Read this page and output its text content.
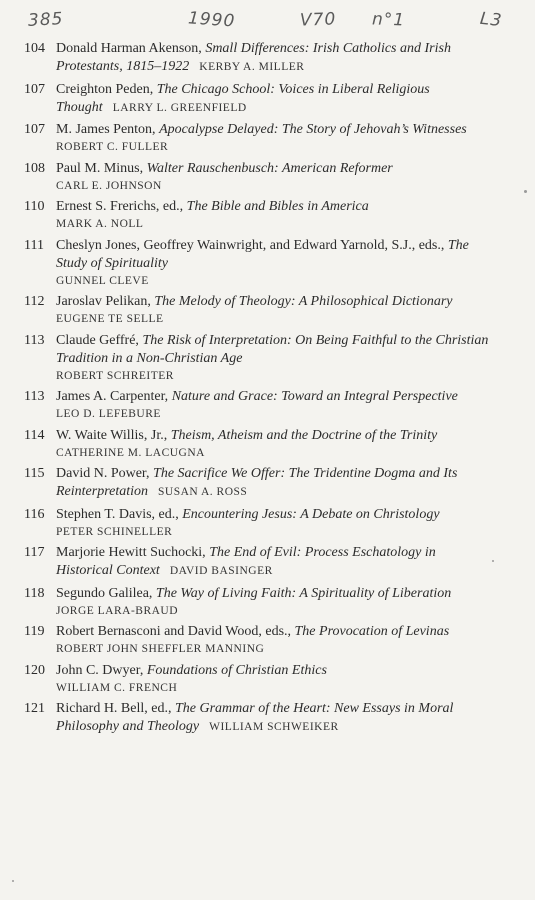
385	1990	V70 n°1	L3
104 Donald Harman Akenson, Small Differences: Irish Catholics and Irish Protestants, 1815–1922 KERBY A. MILLER
107 Creighton Peden, The Chicago School: Voices in Liberal Religious Thought LARRY L. GREENFIELD
107 M. James Penton, Apocalypse Delayed: The Story of Jehovah’s Witnesses
ROBERT C. FULLER
108 Paul M. Minus, Walter Rauschenbusch: American Reformer
CARL E. JOHNSON
110 Ernest S. Frerichs, ed., The Bible and Bibles in America
MARK A. NOLL
111 Cheslyn Jones, Geoffrey Wainwright, and Edward Yarnold, S.J., eds., The Study of Spirituality
GUNNEL CLEVE
112 Jaroslav Pelikan, The Melody of Theology: A Philosophical Dictionary
EUGENE TE SELLE
113 Claude Geffré, The Risk of Interpretation: On Being Faithful to the Christian Tradition in a Non-Christian Age
ROBERT SCHREITER
113 James A. Carpenter, Nature and Grace: Toward an Integral Perspective
LEO D. LEFEBURE
114 W. Waite Willis, Jr., Theism, Atheism and the Doctrine of the Trinity
CATHERINE M. LACUGNA
115 David N. Power, The Sacrifice We Offer: The Tridentine Dogma and Its Reinterpretation SUSAN A. ROSS
116 Stephen T. Davis, ed., Encountering Jesus: A Debate on Christology
PETER SCHINELLER
117 Marjorie Hewitt Suchocki, The End of Evil: Process Eschatology in Historical Context DAVID BASINGER
118 Segundo Galilea, The Way of Living Faith: A Spirituality of Liberation
JORGE LARA-BRAUD
119 Robert Bernasconi and David Wood, eds., The Provocation of Levinas
ROBERT JOHN SHEFFLER MANNING
120 John C. Dwyer, Foundations of Christian Ethics
WILLIAM C. FRENCH
121 Richard H. Bell, ed., The Grammar of the Heart: New Essays in Moral Philosophy and Theology WILLIAM SCHWEIKER
